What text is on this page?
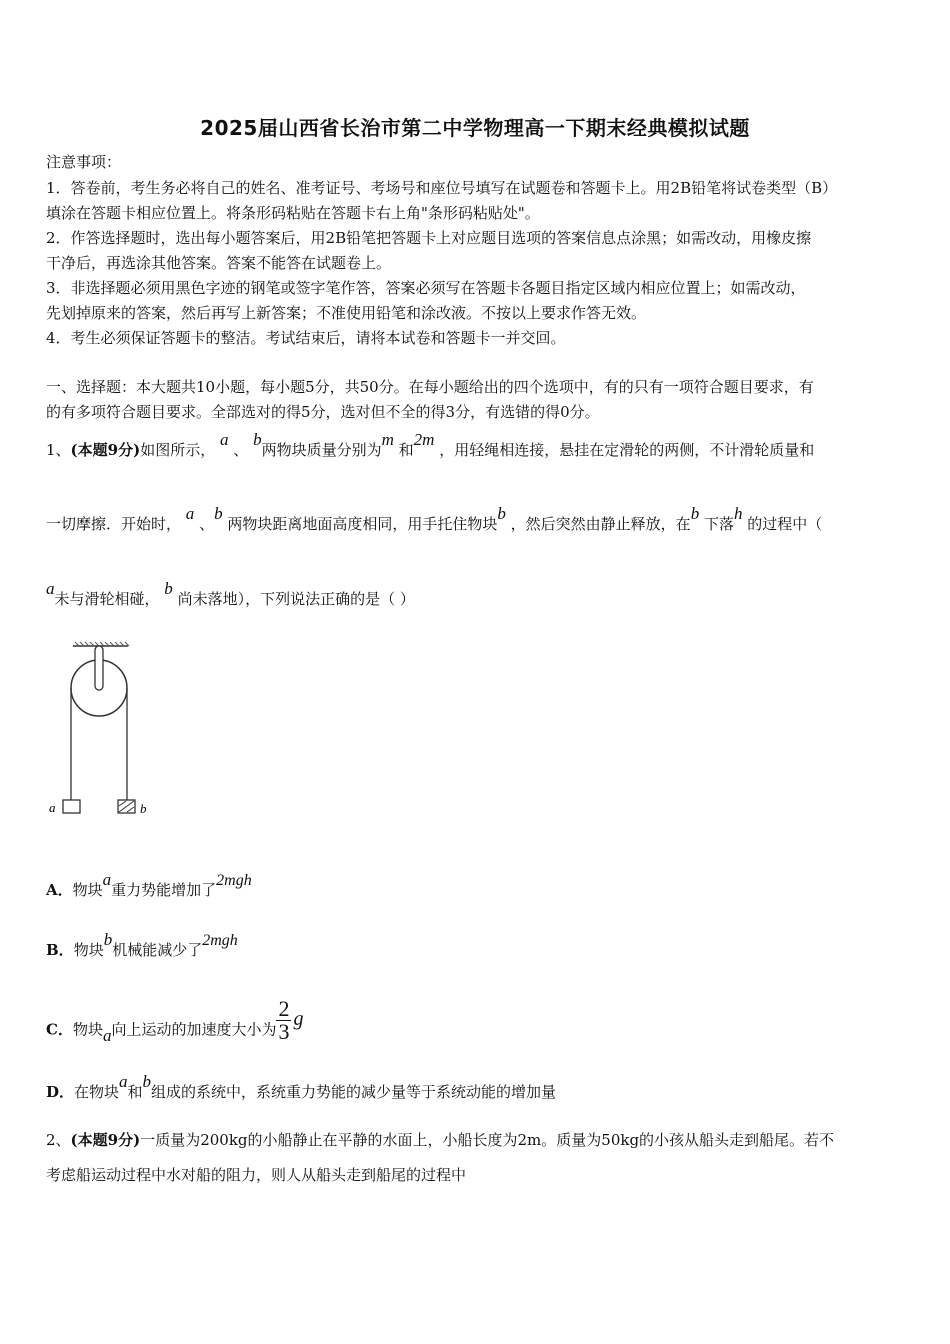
2025届山西省长治市第二中学物理高一下期末经典模拟试题
注意事项：
1．答卷前，考生务必将自己的姓名、准考证号、考场号和座位号填写在试题卷和答题卡上。用2B铅笔将试卷类型（B）
填涂在答题卡相应位置上。将条形码粘贴在答题卡右上角"条形码粘贴处"。
2．作答选择题时，选出每小题答案后，用2B铅笔把答题卡上对应题目选项的答案信息点涂黑；如需改动，用橡皮擦
干净后，再选涂其他答案。答案不能答在试题卷上。
3．非选择题必须用黑色字迹的钢笔或签字笔作答，答案必须写在答题卡各题目指定区域内相应位置上；如需改动，
先划掉原来的答案，然后再写上新答案；不准使用铅笔和涂改液。不按以上要求作答无效。
4．考生必须保证答题卡的整洁。考试结束后，请将本试卷和答题卡一并交回。
一、选择题：本大题共10小题，每小题5分，共50分。在每小题给出的四个选项中，有的只有一项符合题目要求，有
的有多项符合题目要求。全部选对的得5分，选对但不全的得3分，有选错的得0分。
1、(本题9分)如图所示， a 、 b两物块质量分别为m 和2m ，用轻绳相连接，悬挂在定滑轮的两侧，不计滑轮质量和
一切摩擦．开始时， a 、b 两物块距离地面高度相同，用手托住物块b ，然后突然由静止释放，在b 下落h 的过程中（
a未与滑轮相碰， b 尚未落地），下列说法正确的是（ ）
a	b
A．物块a重力势能增加了2mgh
B．物块b机械能减少了2mgh
C．物块a向上运动的加速度大小为 $\frac{2}{3}$ g
D．在物块a和b组成的系统中，系统重力势能的减少量等于系统动能的增加量
2、(本题9分)一质量为200kg的小船静止在平静的水面上，小船长度为2m。质量为50kg的小孩从船头走到船尾。若不
考虑船运动过程中水对船的阻力，则人从船头走到船尾的过程中
